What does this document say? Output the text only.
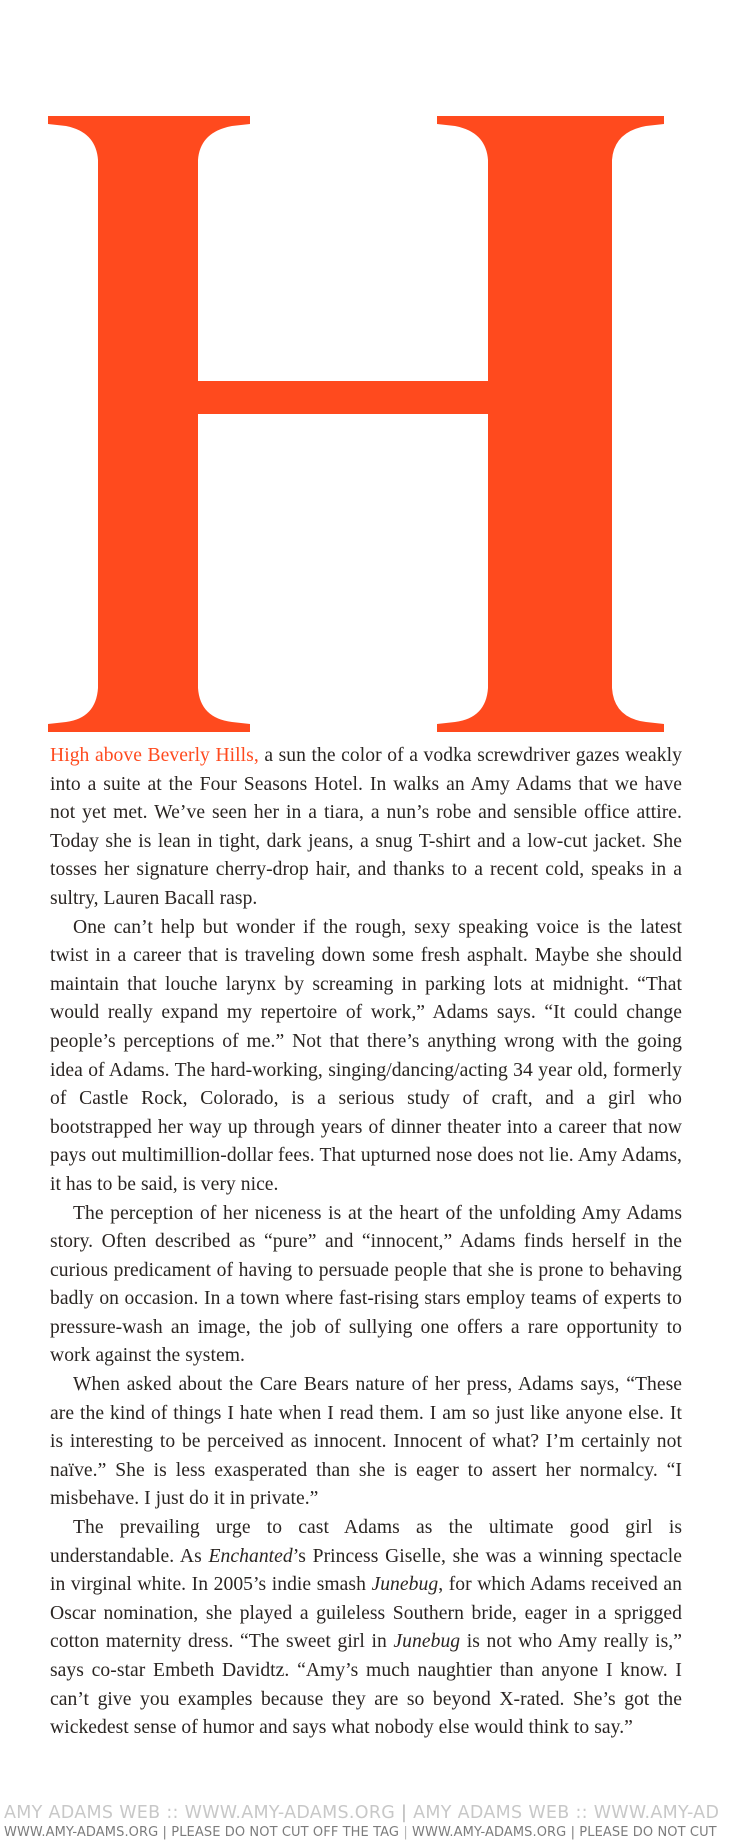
H

High above Beverly Hills, a sun the color of a vodka screwdriver gazes weakly into a suite at the Four Seasons Hotel. In walks an Amy Adams that we have not yet met. We’ve seen her in a tiara, a nun’s robe and sensible office attire. Today she is lean in tight, dark jeans, a snug T-shirt and a low-cut jacket. She tosses her signature cherry-drop hair, and thanks to a recent cold, speaks in a sultry, Lauren Bacall rasp.

One can’t help but wonder if the rough, sexy speaking voice is the latest twist in a career that is traveling down some fresh asphalt. Maybe she should maintain that louche larynx by screaming in parking lots at midnight. “That would really expand my repertoire of work,” Adams says. “It could change people’s perceptions of me.” Not that there’s anything wrong with the going idea of Adams. The hard-working, singing/dancing/acting 34 year old, formerly of Castle Rock, Colorado, is a serious study of craft, and a girl who bootstrapped her way up through years of dinner theater into a career that now pays out multimillion-dollar fees. That upturned nose does not lie. Amy Adams, it has to be said, is very nice.

The perception of her niceness is at the heart of the unfolding Amy Adams story. Often described as “pure” and “innocent,” Adams finds herself in the curious predicament of having to persuade people that she is prone to behaving badly on occasion. In a town where fast-rising stars employ teams of experts to pressure-wash an image, the job of sullying one offers a rare opportunity to work against the system.

When asked about the Care Bears nature of her press, Adams says, “These are the kind of things I hate when I read them. I am so just like anyone else. It is interesting to be perceived as innocent. Innocent of what? I’m certainly not naïve.” She is less exasperated than she is eager to assert her normalcy. “I misbehave. I just do it in private.”

The prevailing urge to cast Adams as the ultimate good girl is understandable. As Enchanted’s Princess Giselle, she was a winning spectacle in virginal white. In 2005’s indie smash Junebug, for which Adams received an Oscar nomination, she played a guileless Southern bride, eager in a sprigged cotton maternity dress. “The sweet girl in Junebug is not who Amy really is,” says co-star Embeth Davidtz. “Amy’s much naughtier than anyone I know. I can’t give you examples because they are so beyond X-rated. She’s got the wickedest sense of humor and says what nobody else would think to say.”

AMY ADAMS WEB :: WWW.AMY-ADAMS.ORG | AMY ADAMS WEB :: WWW.AMY-AD
WWW.AMY-ADAMS.ORG | PLEASE DO NOT CUT OFF THE TAG | WWW.AMY-ADAMS.ORG | PLEASE DO NOT CUT
